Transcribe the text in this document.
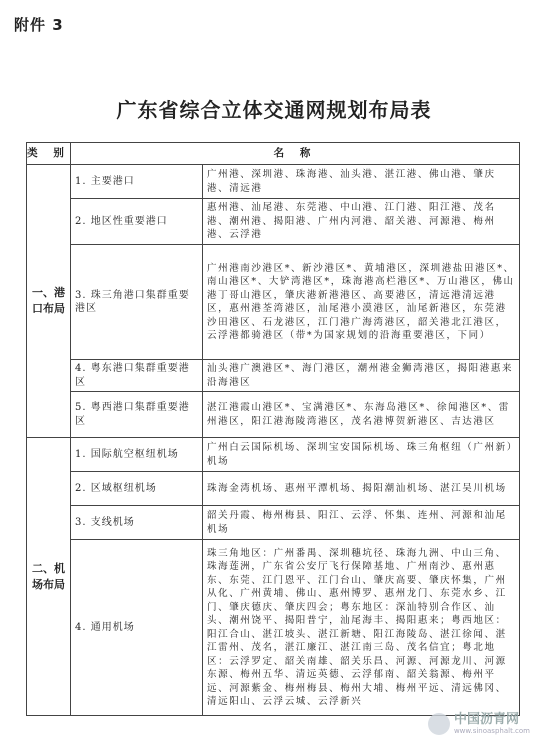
附件 3
广东省综合立体交通网规划布局表
类 别	名 称	
一、港口布局	1. 主要港口	广州港、深圳港、珠海港、汕头港、湛江港、佛山港、肇庆港、清远港
	2. 地区性重要港口	惠州港、汕尾港、东莞港、中山港、江门港、阳江港、茂名港、潮州港、揭阳港、广州内河港、韶关港、河源港、梅州港、云浮港
	3. 珠三角港口集群重要港区	广州港南沙港区*、新沙港区*、黄埔港区，深圳港盐田港区*、南山港区*、大铲湾港区*，珠海港高栏港区*、万山港区，佛山港丁哥山港区，肇庆港新港港区、高要港区，清远港清远港区，惠州港荃湾港区，汕尾港小漠港区，汕尾新港区，东莞港沙田港区、石龙港区，江门港广海湾港区，韶关港北江港区，云浮港都骑港区（带*为国家规划的沿海重要港区，下同）
	4. 粤东港口集群重要港区	汕头港广澳港区*、海门港区，潮州港金狮湾港区，揭阳港惠来沿海港区
	5. 粤西港口集群重要港区	湛江港霞山港区*、宝满港区*、东海岛港区*、徐闻港区*、雷州港区，阳江港海陵湾港区，茂名港博贺新港区、吉达港区
二、机场布局	1. 国际航空枢纽机场	广州白云国际机场、深圳宝安国际机场、珠三角枢纽（广州新）机场
	2. 区域枢纽机场	珠海金湾机场、惠州平潭机场、揭阳潮汕机场、湛江吴川机场
	3. 支线机场	韶关丹霞、梅州梅县、阳江、云浮、怀集、连州、河源和汕尾机场
	4. 通用机场	珠三角地区：广州番禺、深圳穗坑径、珠海九洲、中山三角、珠海莲洲，广东省公安厅飞行保障基地、广州南沙、惠州惠东、东莞、江门恩平、江门台山、肇庆高要、肇庆怀集，广州从化、广州黄埔、佛山、惠州博罗、惠州龙门、东莞水乡、江门、肇庆德庆、肇庆四会；粤东地区：深汕特别合作区、汕头、潮州饶平、揭阳普宁，汕尾海丰、揭阳惠来；粤西地区：阳江合山、湛江坡头、湛江新塘、阳江海陵岛、湛江徐闻、湛江雷州、茂名，湛江廉江、湛江南三岛、茂名信宜；粤北地区：云浮罗定、韶关南雄、韶关乐昌、河源、河源龙川、河源东源、梅州五华、清远英德、云浮郁南、韶关翁源、梅州平远、河源紫金、梅州梅县、梅州大埔、梅州平远、清远佛冈、清远阳山、云浮云城、云浮新兴
中国沥青网
www.sinoasphalt.com
